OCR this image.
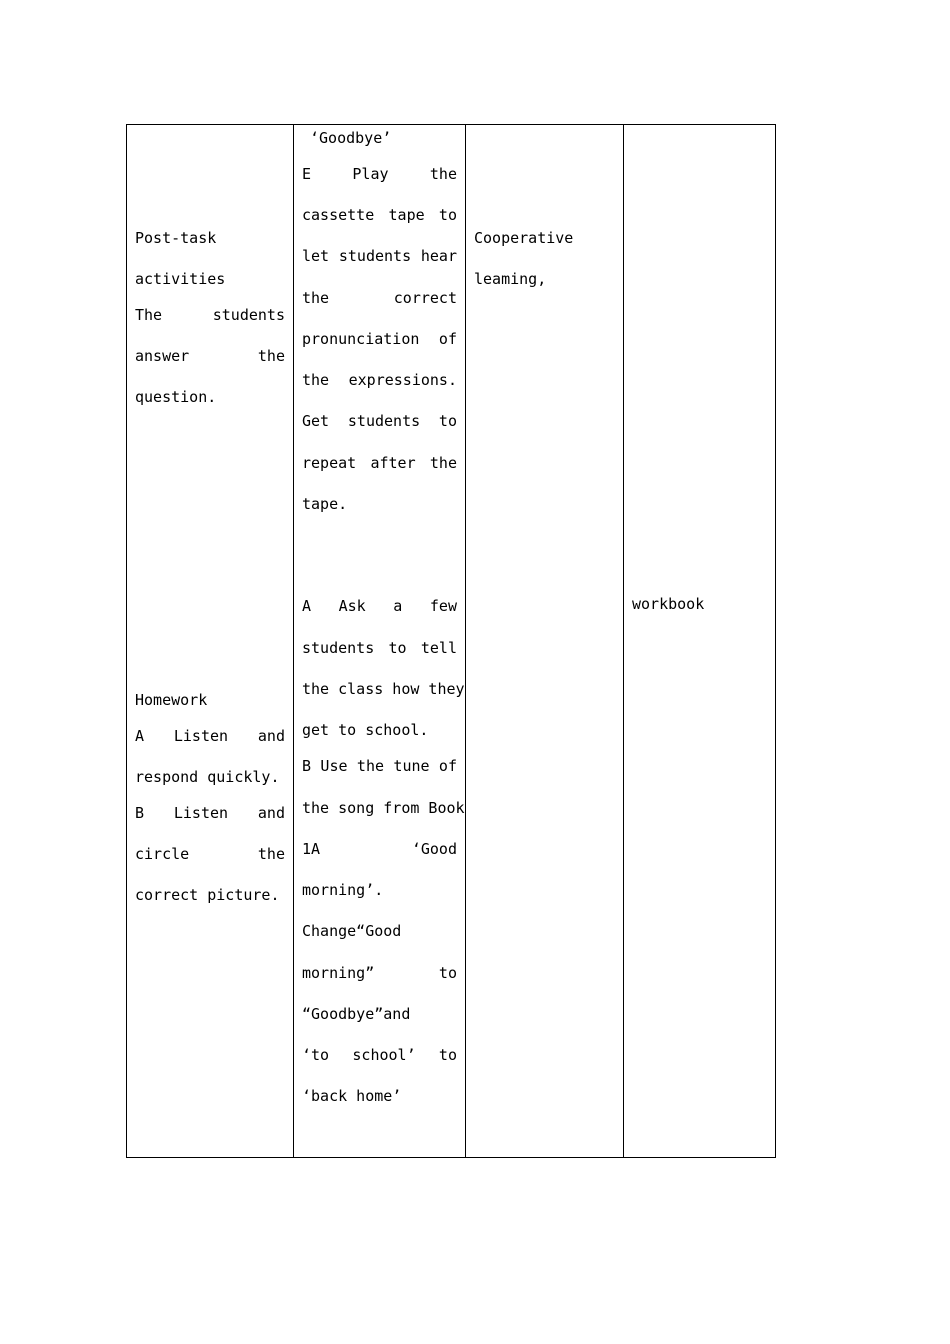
Post-task
activities
The students
answer the
question.
Homework
A Listen and
respond quickly.
B Listen and
circle the
correct picture.
‘Goodbye’
E Play the
cassette tape to
let students hear
the correct
pronunciation of
the expressions.
Get students to
repeat after the
tape.
A Ask a few
students to tell
the class how they
get to school.
B Use the tune of
the song from Book
1A ‘Good
morning’.
Change“Good
morning” to
“Goodbye”and
‘to school’ to
‘back home’
Cooperative
leaming,
workbook
